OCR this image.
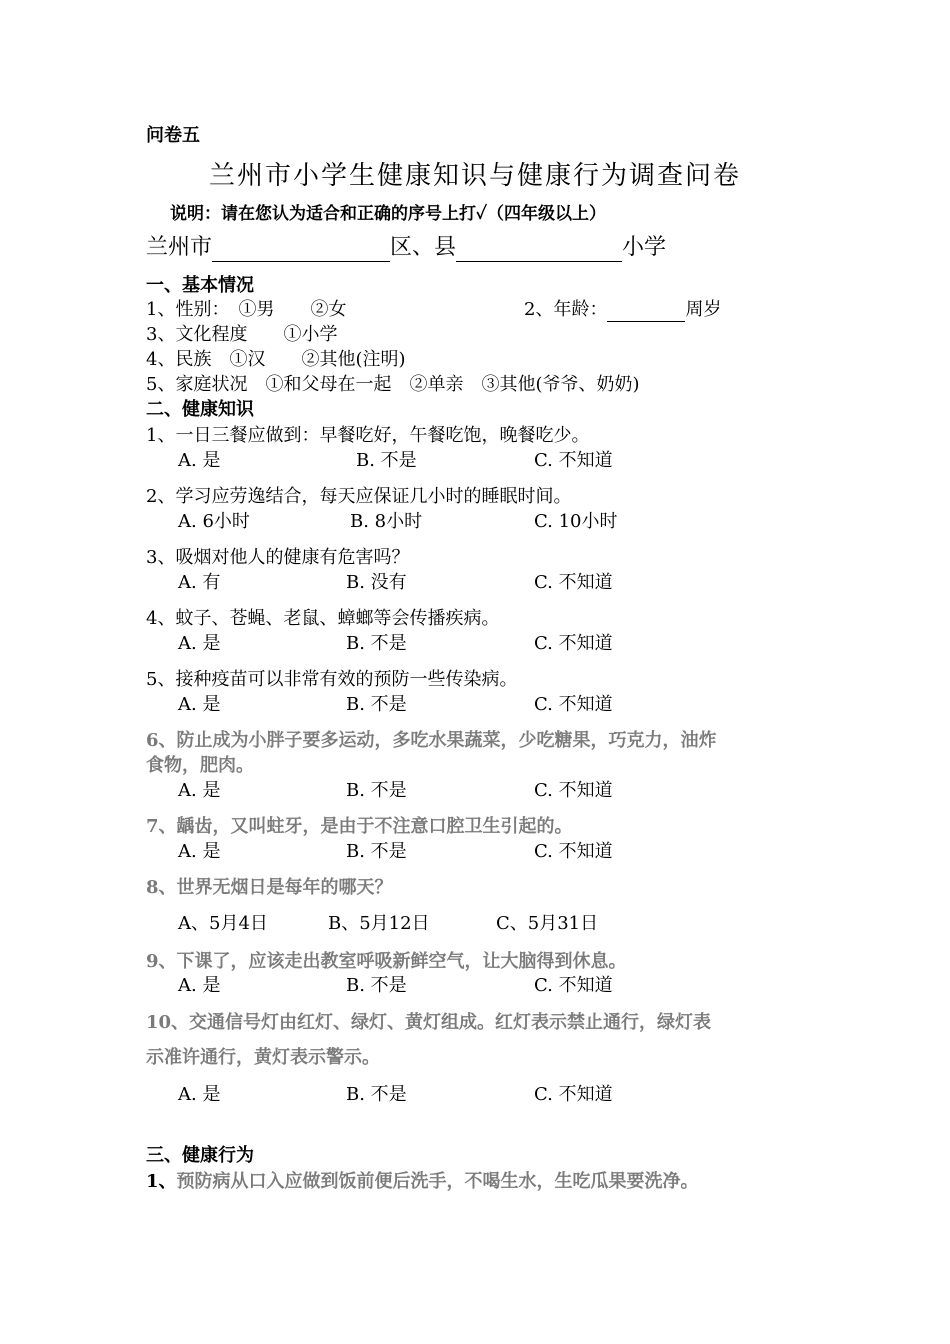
问卷五
兰州市小学生健康知识与健康行为调查问卷
说明：请在您认为适合和正确的序号上打✓（四年级以上）
兰州市	区、县	小学
一、基本情况
1、性别：　①男　　②女	2、年龄：	周岁
3、文化程度　　①小学
4、民族　①汉　　②其他(注明)
5、家庭状况　①和父母在一起　②单亲　③其他(爷爷、奶奶)
二、健康知识
1、一日三餐应做到：早餐吃好，午餐吃饱，晚餐吃少。
A. 是	B. 不是	C. 不知道
2、学习应劳逸结合，每天应保证几小时的睡眠时间。
A. 6小时	B. 8小时	C. 10小时
3、吸烟对他人的健康有危害吗？
A. 有	B. 没有	C. 不知道
4、蚊子、苍蝇、老鼠、蟑螂等会传播疾病。
A. 是	B. 不是	C. 不知道
5、接种疫苗可以非常有效的预防一些传染病。
A. 是	B. 不是	C. 不知道
6、防止成为小胖子要多运动，多吃水果蔬菜，少吃糖果，巧克力，油炸
食物，肥肉。
A. 是	B. 不是	C. 不知道
7、龋齿，又叫蛀牙，是由于不注意口腔卫生引起的。
A. 是	B. 不是	C. 不知道
8、世界无烟日是每年的哪天？
A、5月4日	B、5月12日	C、5月31日
9、下课了，应该走出教室呼吸新鲜空气，让大脑得到休息。
A. 是	B. 不是	C. 不知道
10、交通信号灯由红灯、绿灯、黄灯组成。红灯表示禁止通行，绿灯表
示准许通行，黄灯表示警示。
A. 是	B. 不是	C. 不知道
三、健康行为
1、预防病从口入应做到饭前便后洗手，不喝生水，生吃瓜果要洗净。
